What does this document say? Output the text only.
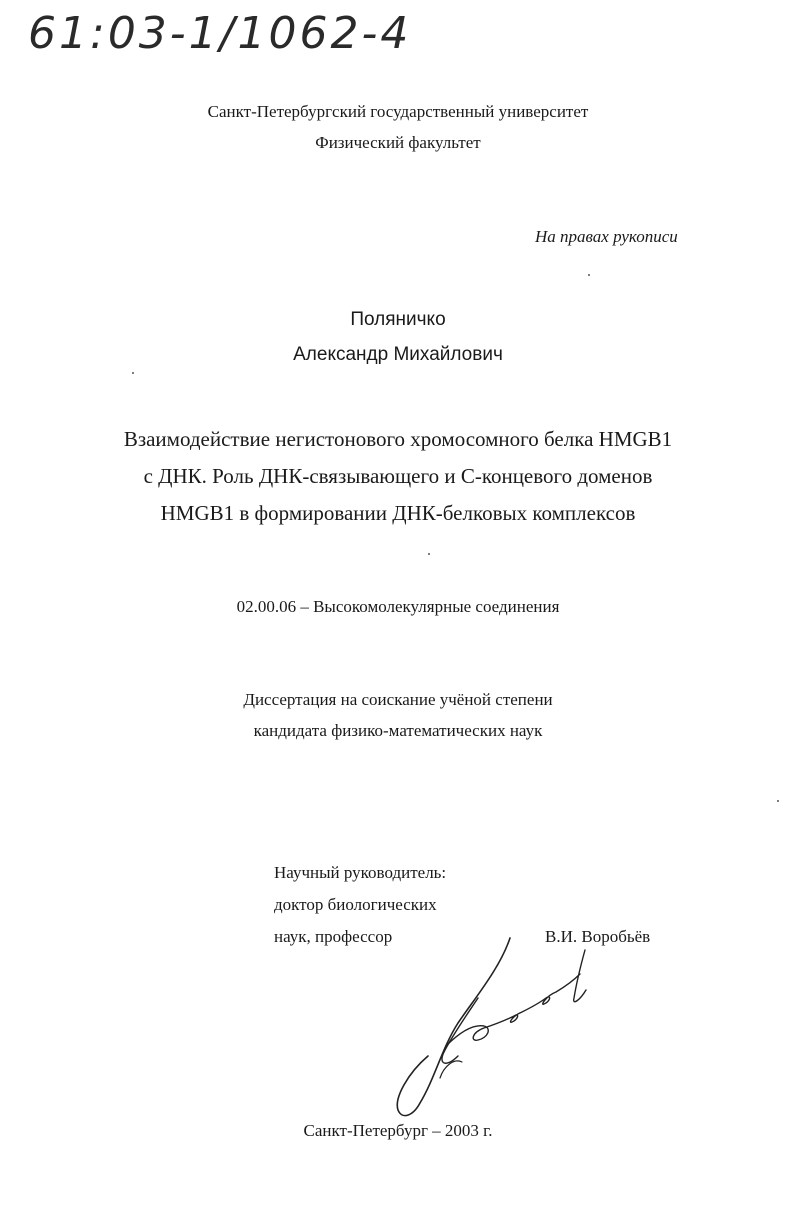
61:03-1/1062-4
Санкт-Петербургский государственный университет
Физический факультет
На правах рукописи
Поляничко
Александр Михайлович
Взаимодействие негистонового хромосомного белка HMGB1
с ДНК. Роль ДНК-связывающего и С-концевого доменов
HMGB1 в формировании ДНК-белковых комплексов
02.00.06 – Высокомолекулярные соединения
Диссертация на соискание учёной степени
кандидата физико-математических наук
Научный руководитель:
доктор биологических
наук, профессор	В.И. Воробьёв
Санкт-Петербург – 2003 г.
